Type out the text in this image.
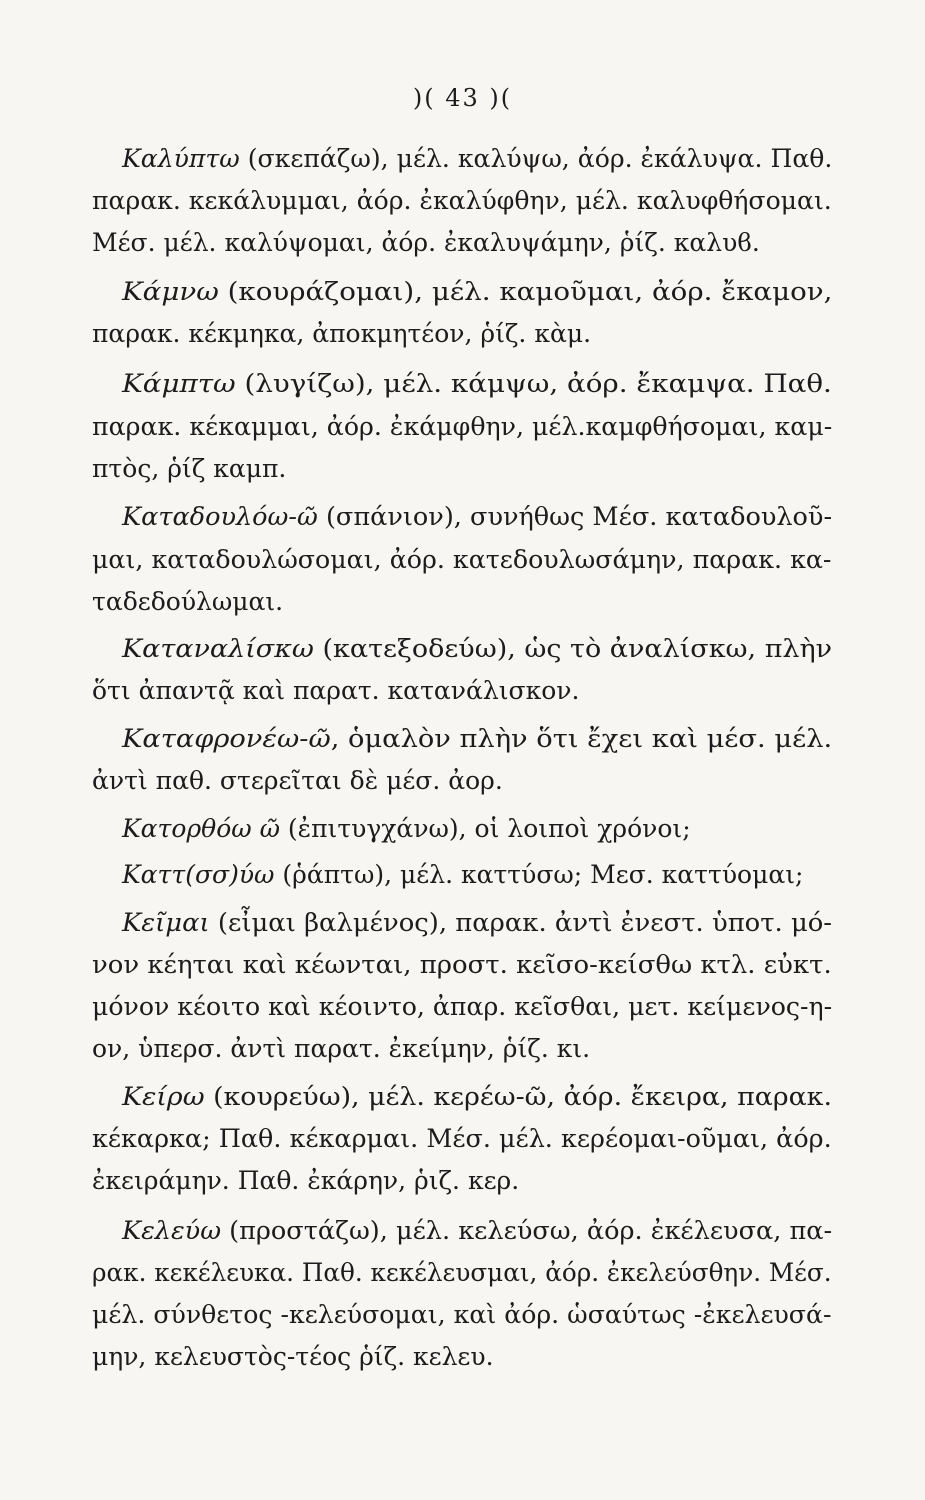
)( 43 )(
Καλύπτω (σκεπάζω), μέλ. καλύψω, ἀόρ. ἐκάλυψα. Παθ.
παρακ. κεκάλυμμαι, ἀόρ. ἐκαλύφθην, μέλ. καλυφθήσομαι.
Μέσ. μέλ. καλύψομαι, ἀόρ. ἐκαλυψάμην, ῥίζ. καλυϐ.
Κάμνω (κουράζομαι), μέλ. καμοῦμαι, ἀόρ. ἔκαμον,
παρακ. κέκμηκα, ἀποκμητέον, ῥίζ. κὰμ.
Κάμπτω (λυγίζω), μέλ. κάμψω, ἀόρ. ἔκαμψα. Παθ.
παρακ. κέκαμμαι, ἀόρ. ἐκάμφθην, μέλ.καμφθήσομαι, καμ-
πτὸς, ῥίζ καμπ.
Καταδουλόω-ῶ (σπάνιον), συνήθως Μέσ. καταδουλοῦ-
μαι, καταδουλώσομαι, ἀόρ. κατεδουλωσάμην, παρακ. κα-
ταδεδούλωμαι.
Καταναλίσκω (κατεξοδεύω), ὡς τὸ ἀναλίσκω, πλὴν
ὅτι ἀπαντᾷ καὶ παρατ. κατανάλισκον.
Καταφρονέω-ῶ, ὁμαλὸν πλὴν ὅτι ἔχει καὶ μέσ. μέλ.
ἀντὶ παθ. στερεῖται δὲ μέσ. ἀορ.
Κατορθόω ῶ (ἐπιτυγχάνω), οἱ λοιποὶ χρόνοι;
Καττ(σσ)ύω (ῥάπτω), μέλ. καττύσω; Μεσ. καττύομαι;
Κεῖμαι (εἶμαι βαλμένος), παρακ. ἀντὶ ἐνεστ. ὑποτ. μό-
νον κέηται καὶ κέωνται, προστ. κεῖσο-κείσθω κτλ. εὐκτ.
μόνον κέοιτο καὶ κέοιντο, ἀπαρ. κεῖσθαι, μετ. κείμενος-η-
ον, ὑπερσ. ἀντὶ παρατ. ἐκείμην, ῥίζ. κι.
Κείρω (κουρεύω), μέλ. κερέω-ῶ, ἀόρ. ἔκειρα, παρακ.
κέκαρκα; Παθ. κέκαρμαι. Μέσ. μέλ. κερέομαι-οῦμαι, ἀόρ.
ἐκειράμην. Παθ. ἐκάρην, ῥιζ. κερ.
Κελεύω (προστάζω), μέλ. κελεύσω, ἀόρ. ἐκέλευσα, πα-
ρακ. κεκέλευκα. Παθ. κεκέλευσμαι, ἀόρ. ἐκελεύσθην. Μέσ.
μέλ. σύνθετος -κελεύσομαι, καὶ ἀόρ. ὡσαύτως -ἐκελευσά-
μην, κελευστὸς-τέος ῥίζ. κελευ.
